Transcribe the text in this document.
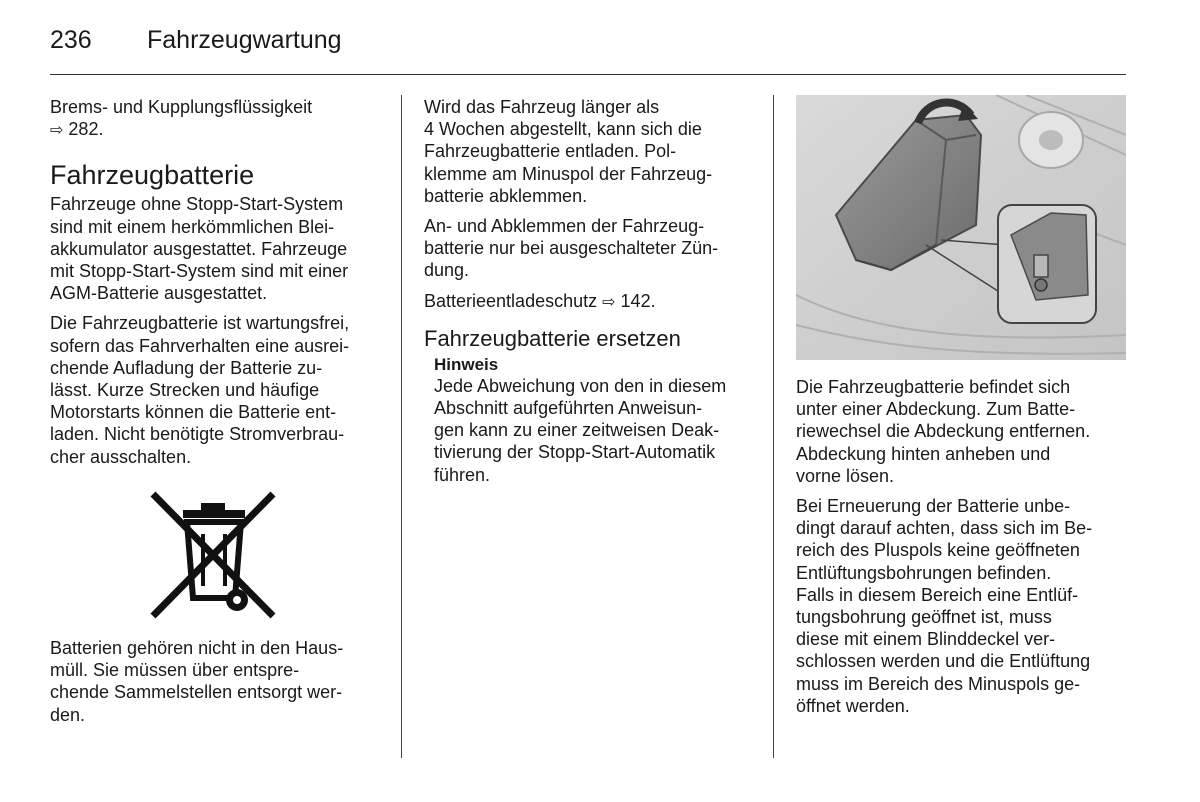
236 Fahrzeugwartung

Brems- und Kupplungsflüssigkeit
⇨ 282.

Fahrzeugbatterie

Fahrzeuge ohne Stopp-Start-System
sind mit einem herkömmlichen Blei-
akkumulator ausgestattet. Fahrzeuge
mit Stopp-Start-System sind mit einer
AGM-Batterie ausgestattet.

Die Fahrzeugbatterie ist wartungsfrei,
sofern das Fahrverhalten eine ausrei-
chende Aufladung der Batterie zu-
lässt. Kurze Strecken und häufige
Motorstarts können die Batterie ent-
laden. Nicht benötigte Stromverbrau-
cher ausschalten.

Batterien gehören nicht in den Haus-
müll. Sie müssen über entspre-
chende Sammelstellen entsorgt wer-
den.

Wird das Fahrzeug länger als
4 Wochen abgestellt, kann sich die
Fahrzeugbatterie entladen. Pol-
klemme am Minuspol der Fahrzeug-
batterie abklemmen.

An- und Abklemmen der Fahrzeug-
batterie nur bei ausgeschalteter Zün-
dung.

Batterieentladeschutz ⇨ 142.

Fahrzeugbatterie ersetzen
Hinweis

Jede Abweichung von den in diesem
Abschnitt aufgeführten Anweisun-
gen kann zu einer zeitweisen Deak-
tivierung der Stopp-Start-Automatik
führen.

Die Fahrzeugbatterie befindet sich
unter einer Abdeckung. Zum Batte-
riewechsel die Abdeckung entfernen.
Abdeckung hinten anheben und
vorne lösen.

Bei Erneuerung der Batterie unbe-
dingt darauf achten, dass sich im Be-
reich des Pluspols keine geöffneten
Entlüftungsbohrungen befinden.
Falls in diesem Bereich eine Entlüf-
tungsbohrung geöffnet ist, muss
diese mit einem Blinddeckel ver-
schlossen werden und die Entlüftung
muss im Bereich des Minuspols ge-
öffnet werden.
